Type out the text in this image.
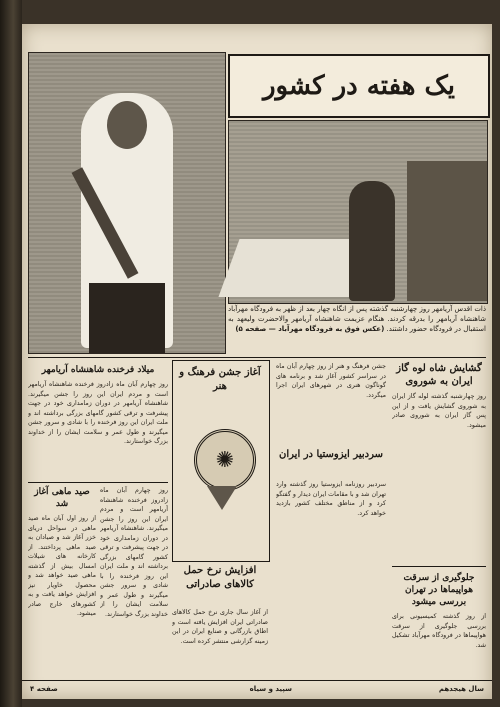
یک هفته در کشور
ذات اقدس آریامهر روز چهارشنبه گذشته پس از انگاه چهار بعد از ظهر به فرودگاه مهرآباد شاهنشاه آریامهر را بدرقه کردند. هنگام عزیمت شاهنشاه آریامهر والاحضرت ولیعهد به استقبال در فرودگاه حضور داشتند. (عکس فوق به فرودگاه مهرآباد — صفحه ۵)
گشایش شاه لوه گاز ایران به شوروی
روز چهارشنبه گذشته لوله گاز ایران به شوروی گشایش یافت و از این پس گاز ایران به شوروی صادر میشود.
جلوگیری از سرقت هواپیماها در تهران بررسی میشود
از روز گذشته کمیسیونی برای بررسی جلوگیری از سرقت هواپیماها در فرودگاه مهرآباد تشکیل شد.
جشن فرهنگ و هنر از روز چهارم آبان ماه در سراسر کشور آغاز شد و برنامه های گوناگون هنری در شهرهای ایران اجرا میگردد.
سردبیر ایزوستیا در ایران
سردبیر روزنامه ایزوستیا روز گذشته وارد تهران شد و با مقامات ایران دیدار و گفتگو کرد و از مناطق مختلف کشور بازدید خواهد کرد.
آغاز جشن فرهنگ و هنر
✺
میلاد فرخنده شاهنشاه آریامهر
روز چهارم آبان ماه زادروز فرخنده شاهنشاه آریامهر است و مردم ایران این روز را جشن میگیرند. شاهنشاه آریامهر در دوران زمامداری خود در جهت پیشرفت و ترقی کشور گامهای بزرگی برداشته اند و ملت ایران این روز فرخنده را با شادی و سرور جشن میگیرند و طول عمر و سلامت ایشان را از خداوند بزرگ خواستارند.
صید ماهی آغاز شد
از روز اول آبان ماه صید ماهی در سواحل دریای خزر آغاز شد و صیادان به صید ماهی پرداختند. از کارخانه های شیلات امسال بیش از گذشته ماهی صید خواهد شد و محصول خاویار نیز افزایش خواهد یافت و به کشورهای خارج صادر میشود.
روز چهارم آبان ماه زادروز فرخنده شاهنشاه آریامهر است و مردم ایران این روز را جشن میگیرند. شاهنشاه آریامهر در دوران زمامداری خود در جهت پیشرفت و ترقی کشور گامهای بزرگی برداشته اند و ملت ایران این روز فرخنده را با شادی و سرور جشن میگیرند و طول عمر و سلامت ایشان را از خداوند بزرگ خواستارند.
افزایش نرخ حمل کالاهای صادراتی
از آغاز سال جاری نرخ حمل کالاهای صادراتی ایران افزایش یافته است و اطاق بازرگانی و صنایع ایران در این زمینه گزارشی منتشر کرده است.
سال هیجدهم
سپید و سیاه
صفحه ۴
